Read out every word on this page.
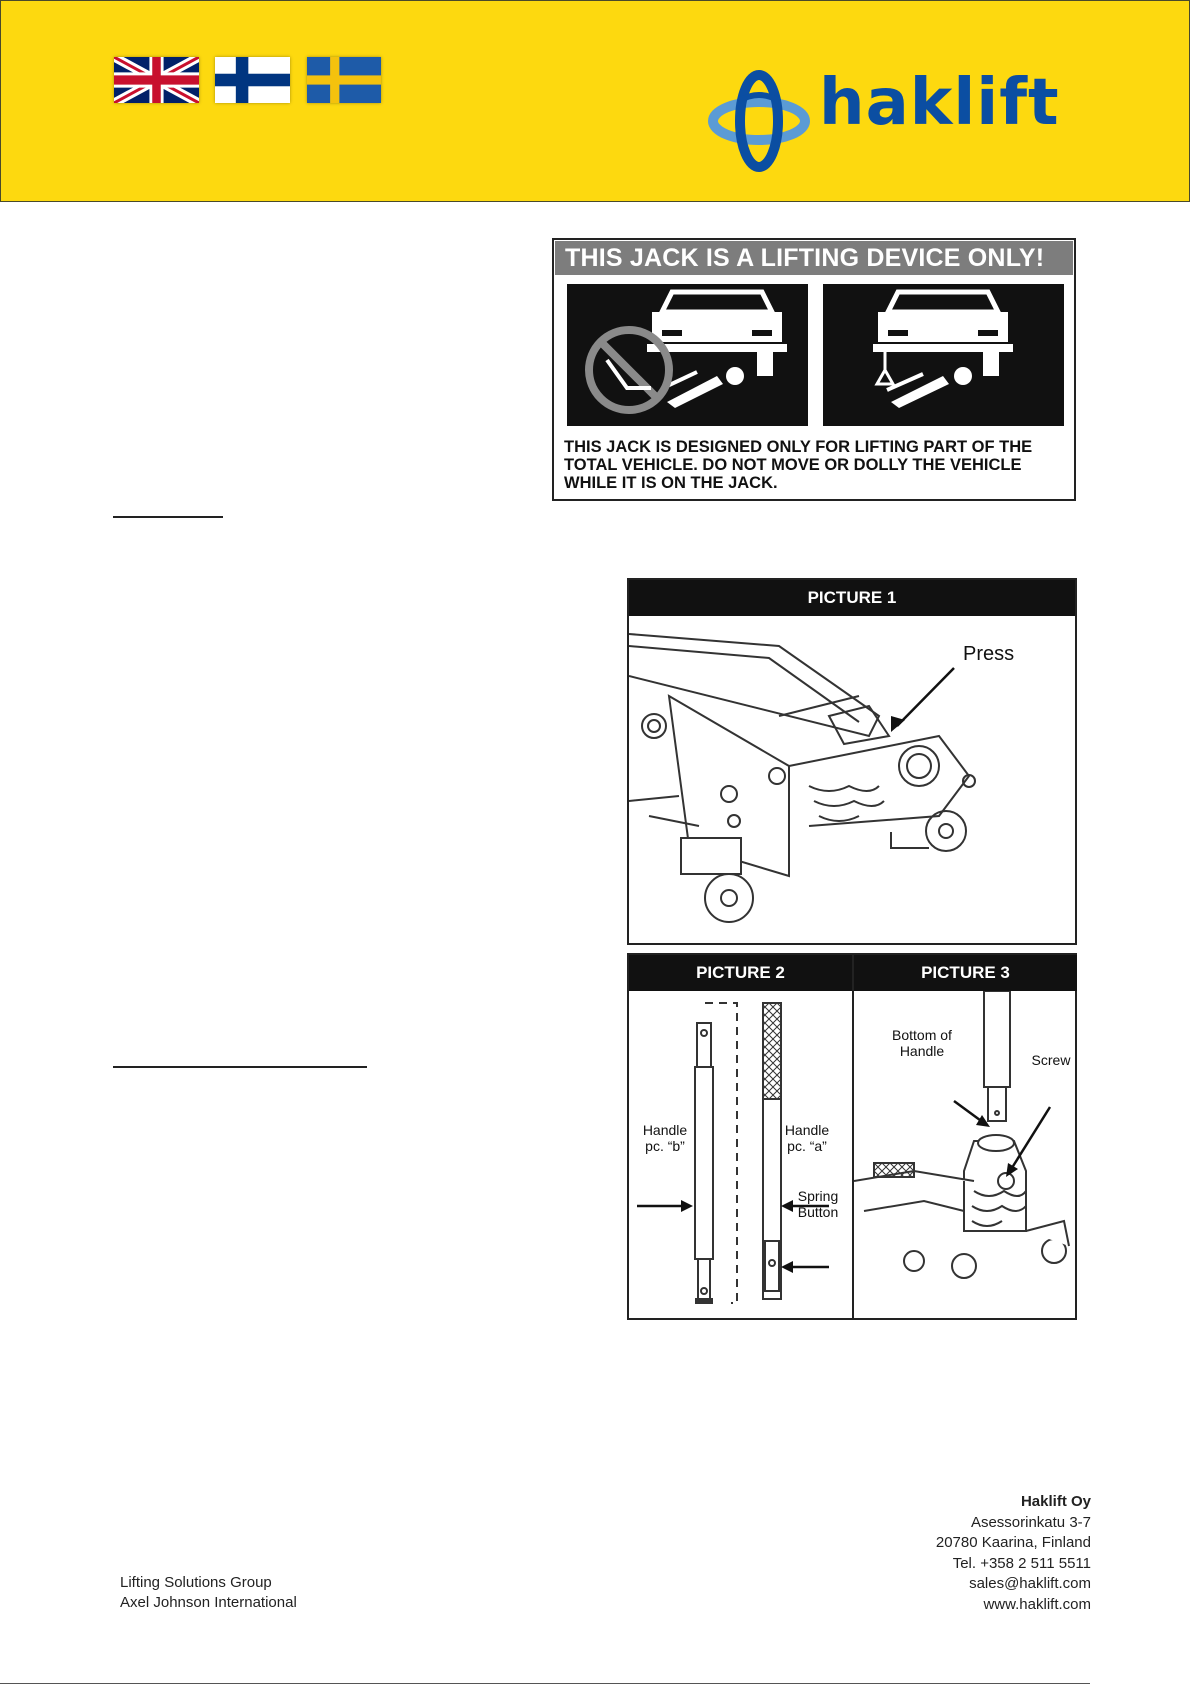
haklift
THIS JACK IS A LIFTING DEVICE ONLY!
THIS JACK IS DESIGNED ONLY FOR LIFTING PART OF THE TOTAL VEHICLE. DO NOT MOVE OR DOLLY THE VEHICLE WHILE IT IS ON THE JACK.
PICTURE 1
Press
PICTURE 2	PICTURE 3
Handle pc. “b”
Handle pc. “a”
Spring Button
Bottom of Handle
Screw
Lifting Solutions Group
Axel Johnson International
Haklift Oy
Asessorinkatu 3-7
20780 Kaarina, Finland
Tel. +358 2 511 5511
sales@haklift.com
www.haklift.com
